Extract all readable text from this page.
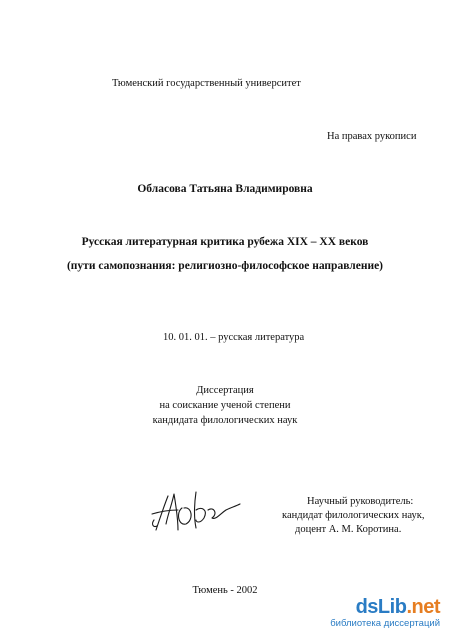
Тюменский государственный университет
На правах рукописи
Обласова Татьяна Владимировна
Русская литературная критика рубежа XIX – XX веков
(пути самопознания: религиозно-философское направление)
10. 01. 01. – русская литература
Диссертация
на соискание ученой степени
кандидата филологических наук
Научный руководитель:
кандидат филологических наук,
доцент А. М. Коротина.
Тюмень - 2002
dsLib.net
библиотека диссертаций
